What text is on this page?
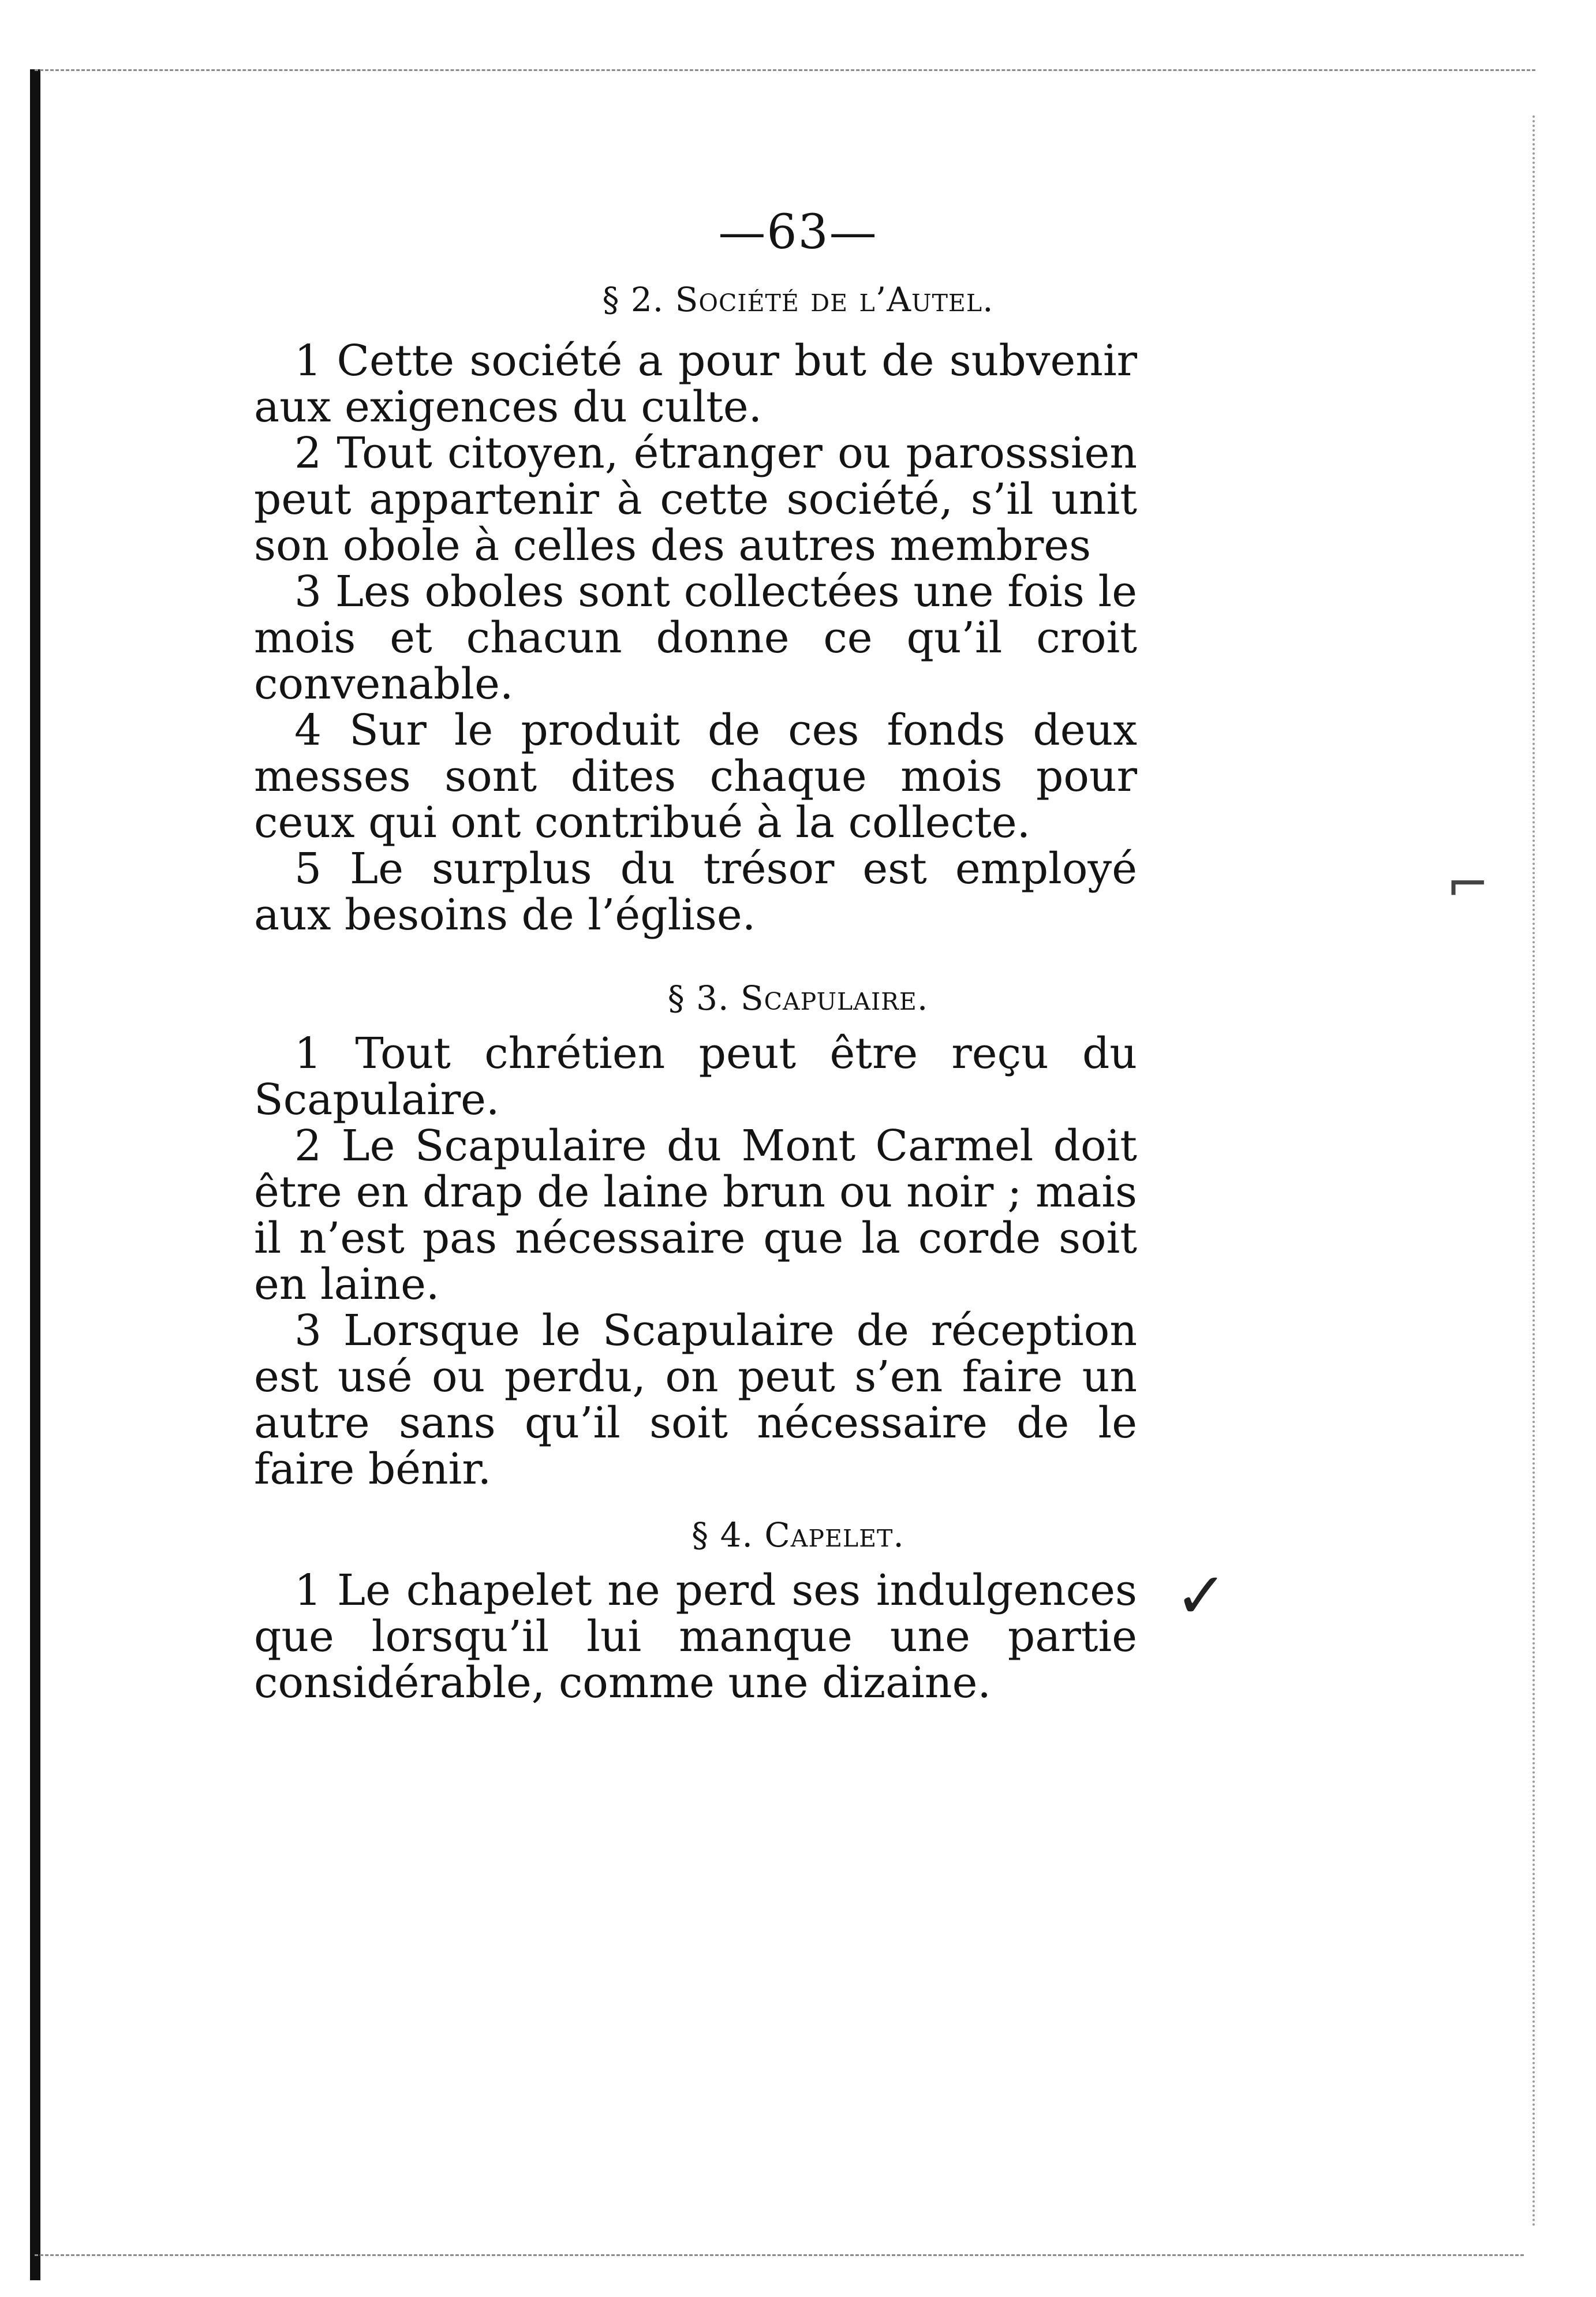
⌐
✓
—63—
§ 2. Société de l’Autel.

1 Cette société a pour but de subvenir aux exigences du culte.

2 Tout citoyen, étranger ou parosssien peut appartenir à cette société, s’il unit son obole à celles des autres membres

3 Les oboles sont collectées une fois le mois et chacun donne ce qu’il croit convenable.

4 Sur le produit de ces fonds deux messes sont dites chaque mois pour ceux qui ont contribué à la collecte.

5 Le surplus du trésor est employé aux besoins de l’église.

§ 3. Scapulaire.

1 Tout chrétien peut être reçu du Scapulaire.

2 Le Scapulaire du Mont Carmel doit être en drap de laine brun ou noir ; mais il n’est pas nécessaire que la corde soit en laine.

3 Lorsque le Scapulaire de réception est usé ou perdu, on peut s’en faire un autre sans qu’il soit nécessaire de le faire bénir.

§ 4. Capelet.

1 Le chapelet ne perd ses indulgences que lorsqu’il lui manque une partie considérable, comme une dizaine.
